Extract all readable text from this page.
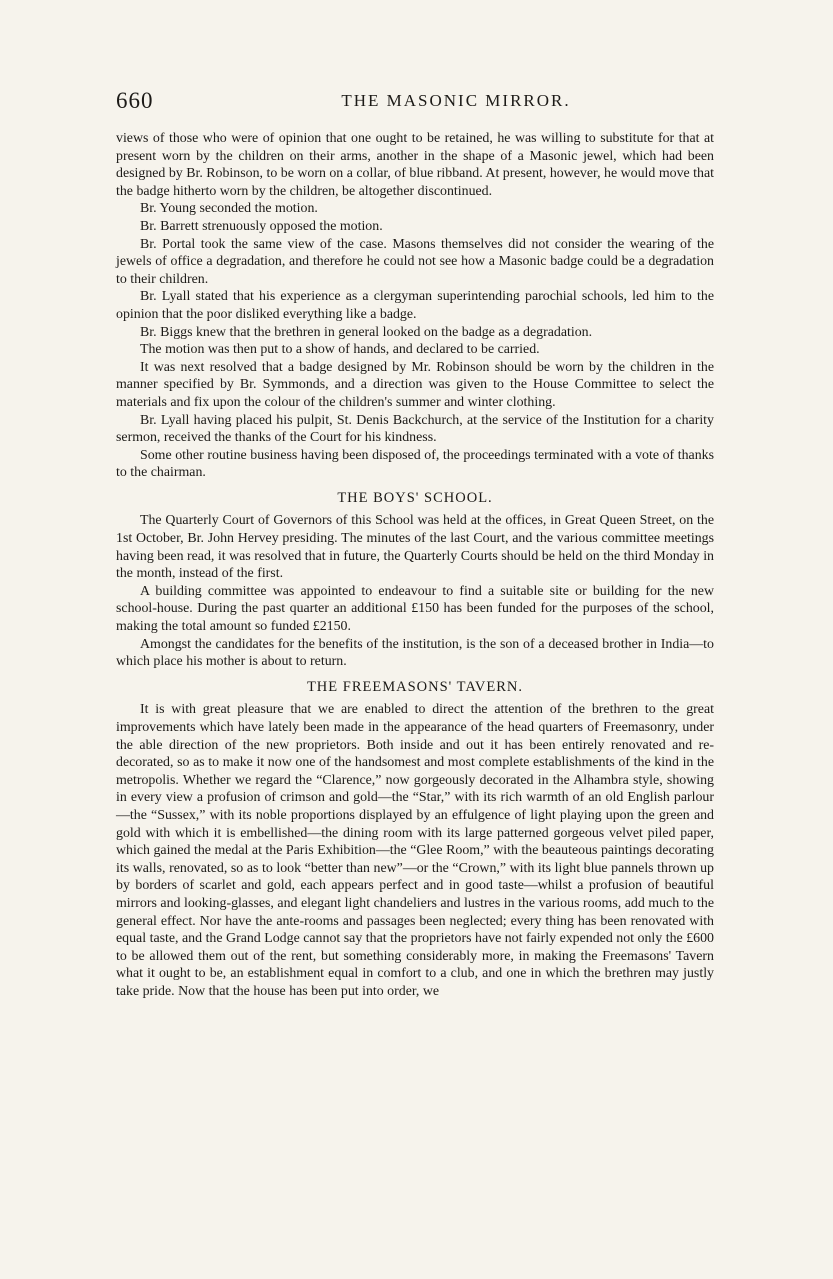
660	THE MASONIC MIRROR.

views of those who were of opinion that one ought to be retained, he was willing to substitute for that at present worn by the children on their arms, another in the shape of a Masonic jewel, which had been designed by Br. Robinson, to be worn on a collar, of blue ribband. At present, however, he would move that the badge hitherto worn by the children, be altogether discontinued.

Br. Young seconded the motion.

Br. Barrett strenuously opposed the motion.

Br. Portal took the same view of the case. Masons themselves did not consider the wearing of the jewels of office a degradation, and therefore he could not see how a Masonic badge could be a degradation to their children.

Br. Lyall stated that his experience as a clergyman superintending parochial schools, led him to the opinion that the poor disliked everything like a badge.

Br. Biggs knew that the brethren in general looked on the badge as a degradation.

The motion was then put to a show of hands, and declared to be carried.

It was next resolved that a badge designed by Mr. Robinson should be worn by the children in the manner specified by Br. Symmonds, and a direction was given to the House Committee to select the materials and fix upon the colour of the children's summer and winter clothing.

Br. Lyall having placed his pulpit, St. Denis Backchurch, at the service of the Institution for a charity sermon, received the thanks of the Court for his kindness.

Some other routine business having been disposed of, the proceedings terminated with a vote of thanks to the chairman.

THE BOYS' SCHOOL.

The Quarterly Court of Governors of this School was held at the offices, in Great Queen Street, on the 1st October, Br. John Hervey presiding. The minutes of the last Court, and the various committee meetings having been read, it was resolved that in future, the Quarterly Courts should be held on the third Monday in the month, instead of the first.

A building committee was appointed to endeavour to find a suitable site or building for the new school-house. During the past quarter an additional £150 has been funded for the purposes of the school, making the total amount so funded £2150.

Amongst the candidates for the benefits of the institution, is the son of a deceased brother in India—to which place his mother is about to return.

THE FREEMASONS' TAVERN.

It is with great pleasure that we are enabled to direct the attention of the brethren to the great improvements which have lately been made in the appearance of the head quarters of Freemasonry, under the able direction of the new proprietors. Both inside and out it has been entirely renovated and re-decorated, so as to make it now one of the handsomest and most complete establishments of the kind in the metropolis. Whether we regard the “Clarence,” now gorgeously decorated in the Alhambra style, showing in every view a profusion of crimson and gold—the “Star,” with its rich warmth of an old English parlour—the “Sussex,” with its noble proportions displayed by an effulgence of light playing upon the green and gold with which it is embellished—the dining room with its large patterned gorgeous velvet piled paper, which gained the medal at the Paris Exhibition—the “Glee Room,” with the beauteous paintings decorating its walls, renovated, so as to look “better than new”—or the “Crown,” with its light blue pannels thrown up by borders of scarlet and gold, each appears perfect and in good taste—whilst a profusion of beautiful mirrors and looking-glasses, and elegant light chandeliers and lustres in the various rooms, add much to the general effect. Nor have the ante-rooms and passages been neglected; every thing has been renovated with equal taste, and the Grand Lodge cannot say that the proprietors have not fairly expended not only the £600 to be allowed them out of the rent, but something considerably more, in making the Freemasons' Tavern what it ought to be, an establishment equal in comfort to a club, and one in which the brethren may justly take pride. Now that the house has been put into order, we
